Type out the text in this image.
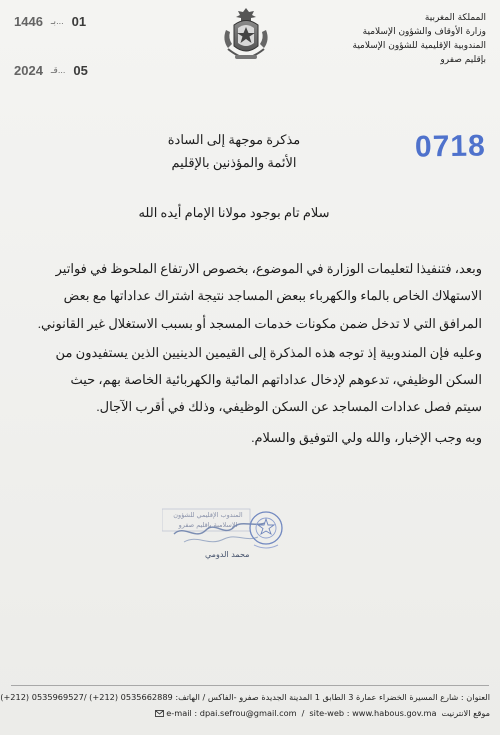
1446 بـ... 01
2024 قـ... 05
المملكة المغربية
وزارة الأوقاف والشؤون الإسلامية
المندوبية الإقليمية للشؤون الإسلامية
بإقليم صفرو
0718
مذكرة موجهة إلى السادة
الأئمة والمؤذنين بالإقليم
سلام تام بوجود مولانا الإمام أيده الله

وبعد، فتنفيذا لتعليمات الوزارة في الموضوع، بخصوص الارتفاع الملحوظ في فواتير

الاستهلاك الخاص بالماء والكهرباء ببعض المساجد نتيجة اشتراك عداداتها مع بعض

المرافق التي لا تدخل ضمن مكونات خدمات المسجد أو بسبب الاستغلال غير القانوني.

وعليه فإن المندوبية إذ توجه هذه المذكرة إلى القيمين الدينيين الذين يستفيدون من

السكن الوظيفي، تدعوهم لإدخال عداداتهم المائية والكهربائية الخاصة بهم، حيث

سيتم فصل عدادات المساجد عن السكن الوظيفي، وذلك في أقرب الآجال.

وبه وجب الإخبار، والله ولي التوفيق والسلام.

المندوب الإقليمي للشؤون
الإسلامية بإقليم صفرو
محمد الدومي
العنوان : شارع المسيرة الخضراء عمارة 3 الطابق 1 المدينة الجديدة صفرو -الفاكس / الهاتف: (+212) 0535969527/ (+212) 0535662889
e-mail : dpai.sefrou@gmail.com / site-web : www.habous.gov.ma موقع الانترنيت
